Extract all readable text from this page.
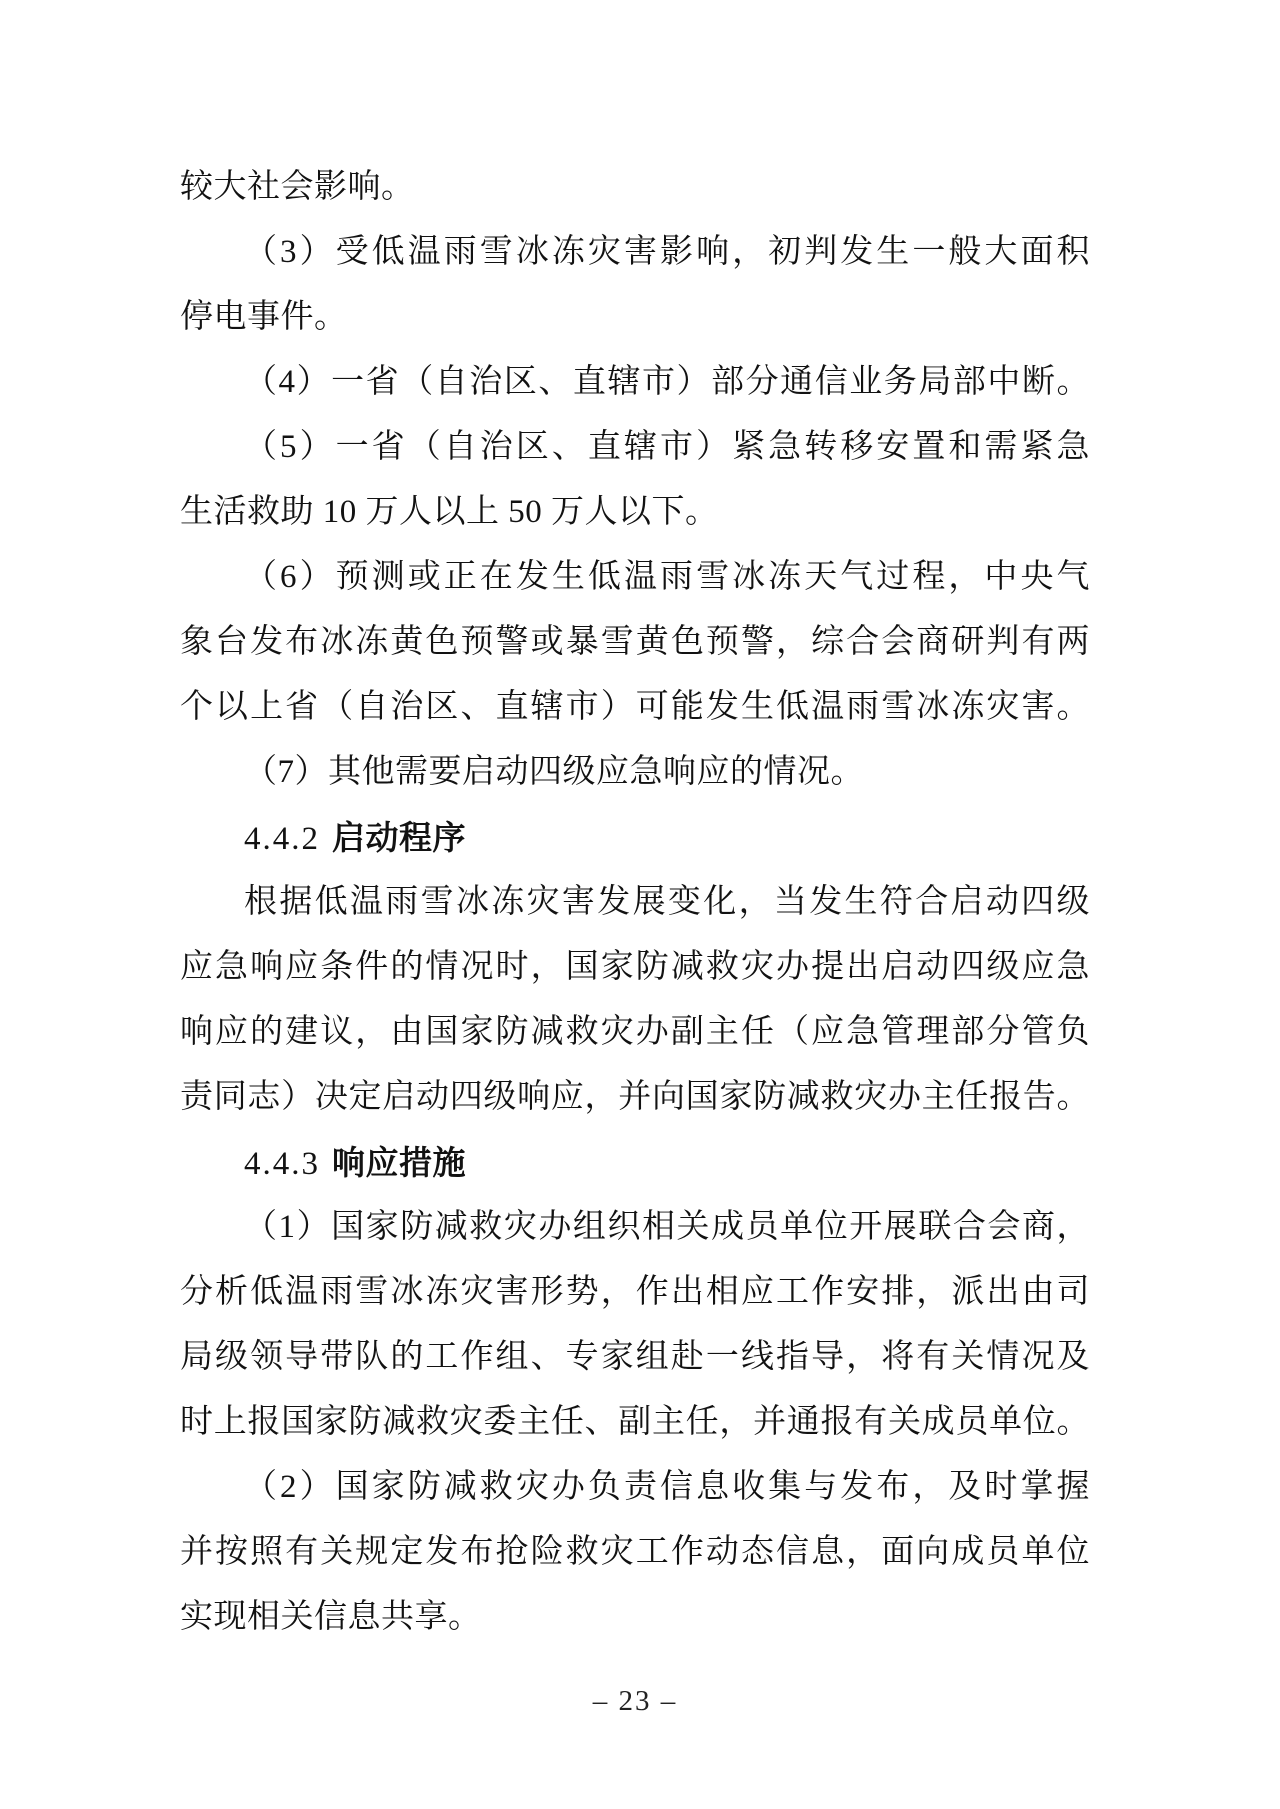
较大社会影响。
（3）受低温雨雪冰冻灾害影响，初判发生一般大面积
停电事件。
（4）一省（自治区、直辖市）部分通信业务局部中断。
（5）一省（自治区、直辖市）紧急转移安置和需紧急
生活救助 10 万人以上 50 万人以下。
（6）预测或正在发生低温雨雪冰冻天气过程，中央气
象台发布冰冻黄色预警或暴雪黄色预警，综合会商研判有两
个以上省（自治区、直辖市）可能发生低温雨雪冰冻灾害。
（7）其他需要启动四级应急响应的情况。
4.4.2 启动程序
根据低温雨雪冰冻灾害发展变化，当发生符合启动四级
应急响应条件的情况时，国家防减救灾办提出启动四级应急
响应的建议，由国家防减救灾办副主任（应急管理部分管负
责同志）决定启动四级响应，并向国家防减救灾办主任报告。
4.4.3 响应措施
（1）国家防减救灾办组织相关成员单位开展联合会商，
分析低温雨雪冰冻灾害形势，作出相应工作安排，派出由司
局级领导带队的工作组、专家组赴一线指导，将有关情况及
时上报国家防减救灾委主任、副主任，并通报有关成员单位。
（2）国家防减救灾办负责信息收集与发布，及时掌握
并按照有关规定发布抢险救灾工作动态信息，面向成员单位
实现相关信息共享。
– 23 –
